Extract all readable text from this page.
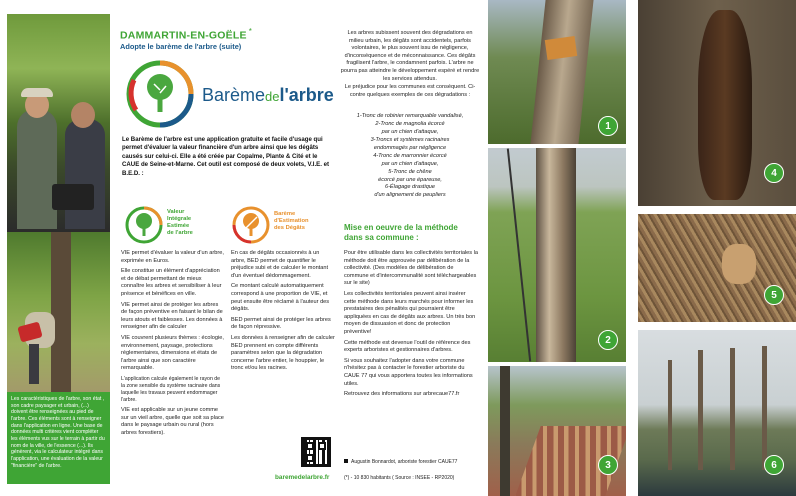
Les caractéristiques de l'arbre, son état , son cadre paysager et urbain, (...) doivent être renseignées au pied de l'arbre. Ces éléments sont à renseigner dans l'application en ligne. Une base de données multi critères vient compléter les éléments vus sur le terrain à partir du nom de la ville, de l'essence (...). Ils génèrent, via le calculateur intégré dans l'application, une évaluation de la valeur "financière" de l'arbre.

DAMMARTIN-EN-GOËLE *
Adopte le barème de l'arbre (suite)
Barèmedel'arbre
Le Barème de l'arbre est une application gratuite et facile d'usage qui permet d'évaluer la valeur financière d'un arbre ainsi que les dégâts causés sur celui-ci. Elle a été créée par Copalme, Plante & Cité et le CAUE de Seine-et-Marne. Cet outil est composé de deux volets, V.I.E. et B.E.D. :
Valeur
Intégrale
Estimée
de l'arbre
Barème
d'Estimation
des Dégâts

VIE permet d'évaluer la valeur d'un arbre, exprimée en Euros.

Elle constitue un élément d'appréciation et de débat permettant de mieux connaître les arbres et sensibiliser à leur présence et bénéfices en ville.

VIE permet ainsi de protéger les arbres de façon préventive en faisant le bilan de leurs atouts et faiblesses. Les données à renseigner afin de calculer

VIE couvrent plusieurs thèmes : écologie, environnement, paysage, protections réglementaires, dimensions et états de l'arbre ainsi que son caractère remarquable.

L'application calcule également le rayon de la zone sensible du système racinaire dans laquelle les travaux peuvent endommager l'arbre.

VIE est applicable sur un jeune comme sur un vieil arbre, quelle que soit sa place dans le paysage urbain ou rural (hors arbres forestiers).

En cas de dégâts occasionnés à un arbre, BED permet de quantifier le préjudice subi et de calculer le montant d'un éventuel dédommagement.

Ce montant calculé automatiquement correspond à une proportion de VIE, et peut ensuite être réclamé à l'auteur des dégâts.

BED permet ainsi de protéger les arbres de façon répressive.

Les données à renseigner afin de calculer BED prennent en compte différents paramètres selon que la dégradation concerne l'arbre entier, le houppier, le tronc et/ou les racines.

baremedelarbre.fr

Les arbres subissent souvent des dégradations en milieu urbain, les dégâts sont accidentels, parfois volontaires, le plus souvent issu de négligence, d'inconséquence et de méconnaissance. Ces dégâts fragilisent l'arbre, le condamnent parfois. L'arbre ne pourra pas atteindre le développement espéré et rendre les services attendus.

Le préjudice pour les communes est conséquent. Ci-contre quelques exemples de ces dégradations :

1-Tronc de robinier remarquable vandalisé,
2-Tronc de magnolia écorcé
par un chien d'attaque,
3-Troncs et systèmes racinaires
endommagés par négligence
4-Tronc de marronnier écorcé
par un chien d'attaque,
5-Tronc de chêne
écorcé par une épareuse,
6-Élagage drastique
d'un alignement de peupliers
Mise en oeuvre de la méthode
dans sa commune :

Pour être utilisable dans les collectivités territoriales la méthode doit être approuvée par délibération de la collectivité. (Des modèles de délibération de commune et d'intercommunalité sont téléchargeables sur le site)

Les collectivités territoriales peuvent ainsi insérer cette méthode dans leurs marchés pour informer les prestataires des pénalités qui pourraient être appliquées en cas de dégâts aux arbres. Un très bon moyen de dissuasion et donc de protection préventive!

Cette méthode est devenue l'outil de référence des experts arboristes et gestionnaires d'arbres.

Si vous souhaitez l'adopter dans votre commune n'hésitez pas à contacter le forestier arboriste du CAUE 77 qui vous apportera toutes les informations utiles.

Retrouvez des informations sur arbrecaue77.fr

Augustin Bonnardot, arboriste forestier CAUE77
(*) - 10 830 habitants ( Source : INSEE - RP2020)
1
2
3
4
5
6
